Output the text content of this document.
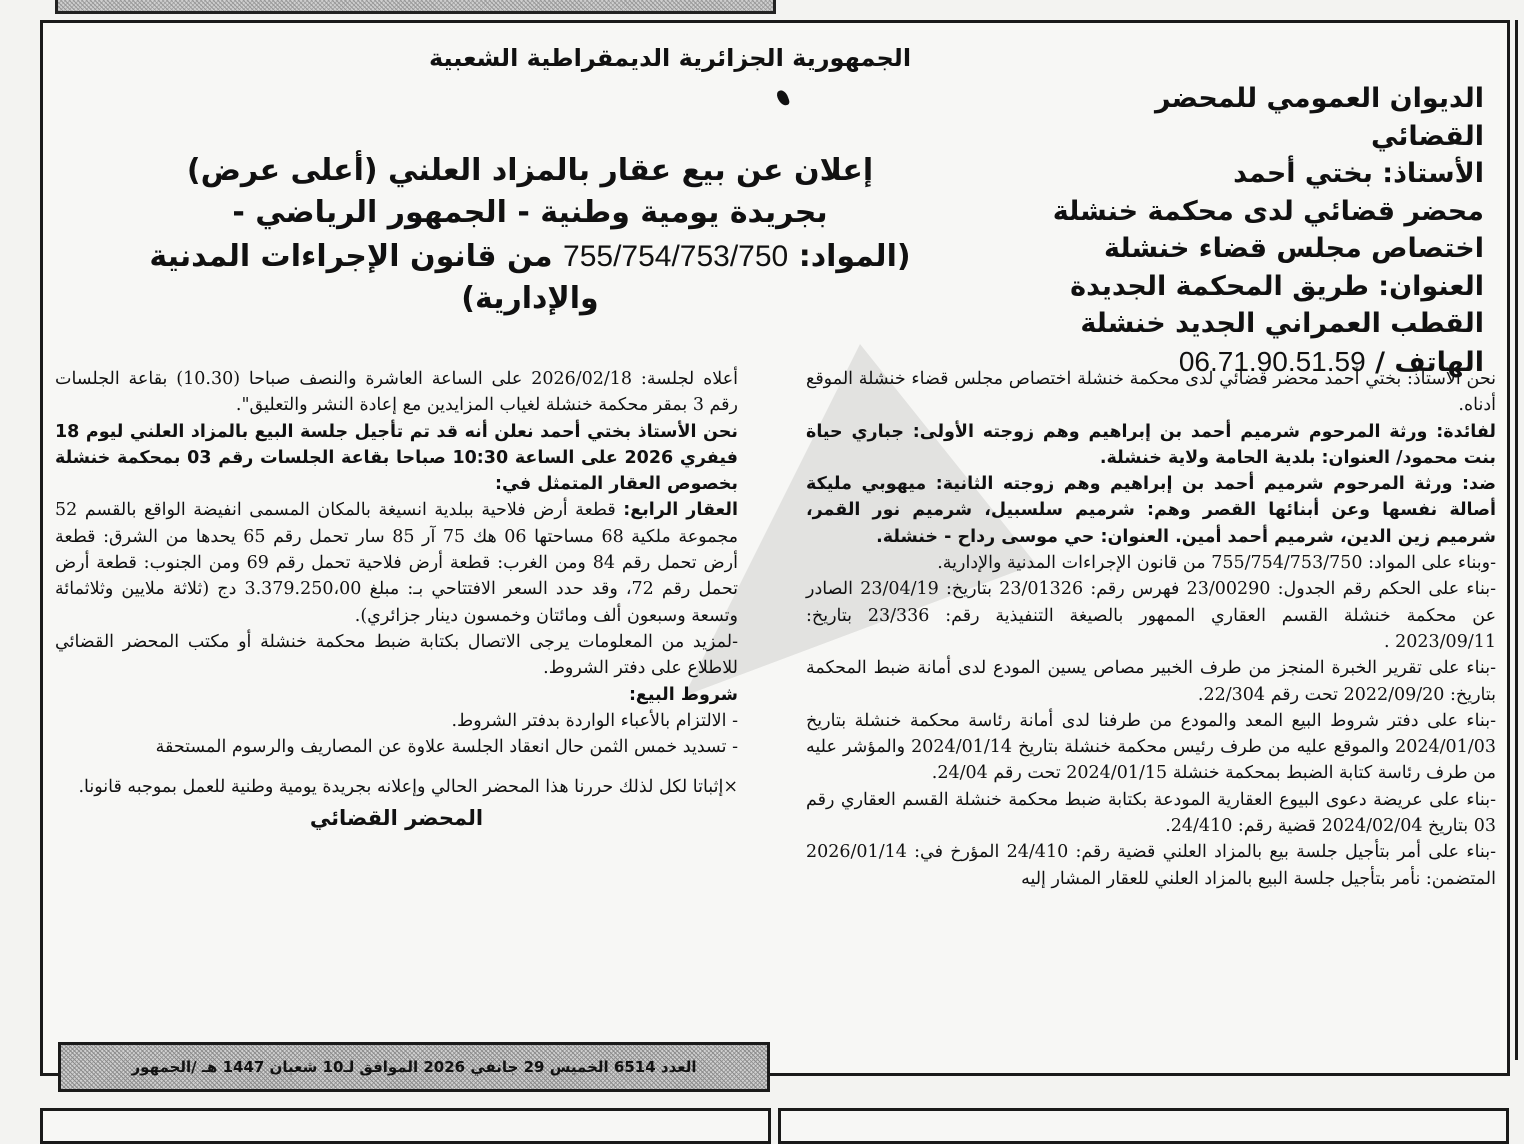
الجمهورية الجزائرية الديمقراطية الشعبية
الديوان العمومي للمحضر القضائي
الأستاذ: بختي أحمد
محضر قضائي لدى محكمة خنشلة
اختصاص مجلس قضاء خنشلة
العنوان: طريق المحكمة الجديدة
القطب العمراني الجديد خنشلة
الهاتف / 06.71.90.51.59
إعلان عن بيع عقار بالمزاد العلني (أعلى عرض)
بجريدة يومية وطنية - الجمهور الرياضي -
(المواد: 755/754/753/750 من قانون الإجراءات المدنية والإدارية)

نحن الأستاذ: بختي أحمد محضر قضائي لدى محكمة خنشلة اختصاص مجلس قضاء خنشلة الموقع أدناه.

لفائدة: ورثة المرحوم شرميم أحمد بن إبراهيم وهم زوجته الأولى: جباري حياة بنت محمود/ العنوان: بلدية الحامة ولاية خنشلة.

ضد: ورثة المرحوم شرميم أحمد بن إبراهيم وهم زوجته الثانية: ميهوبي مليكة أصالة نفسها وعن أبنائها القصر وهم: شرميم سلسبيل، شرميم نور القمر، شرميم زين الدين، شرميم أحمد أمين. العنوان: حي موسى رداح - خنشلة.

-وبناء على المواد: 755/754/753/750 من قانون الإجراءات المدنية والإدارية.

-بناء على الحكم رقم الجدول: 23/00290 فهرس رقم: 23/01326 بتاريخ: 23/04/19 الصادر عن محكمة خنشلة القسم العقاري الممهور بالصيغة التنفيذية رقم: 23/336 بتاريخ: 2023/09/11 .

-بناء على تقرير الخبرة المنجز من طرف الخبير مصاص يسين المودع لدى أمانة ضبط المحكمة بتاريخ: 2022/09/20 تحت رقم 22/304.

-بناء على دفتر شروط البيع المعد والمودع من طرفنا لدى أمانة رئاسة محكمة خنشلة بتاريخ 2024/01/03 والموقع عليه من طرف رئيس محكمة خنشلة بتاريخ 2024/01/14 والمؤشر عليه من طرف رئاسة كتابة الضبط بمحكمة خنشلة 2024/01/15 تحت رقم 24/04.

-بناء على عريضة دعوى البيوع العقارية المودعة بكتابة ضبط محكمة خنشلة القسم العقاري رقم 03 بتاريخ 2024/02/04 قضية رقم: 24/410.

-بناء على أمر بتأجيل جلسة بيع بالمزاد العلني قضية رقم: 24/410 المؤرخ في: 2026/01/14 المتضمن: نأمر بتأجيل جلسة البيع بالمزاد العلني للعقار المشار إليه

أعلاه لجلسة: 2026/02/18 على الساعة العاشرة والنصف صباحا (10.30) بقاعة الجلسات رقم 3 بمقر محكمة خنشلة لغياب المزايدين مع إعادة النشر والتعليق".

نحن الأستاذ بختي أحمد نعلن أنه قد تم تأجيل جلسة البيع بالمزاد العلني ليوم 18 فيفري 2026 على الساعة 10:30 صباحا بقاعة الجلسات رقم 03 بمحكمة خنشلة بخصوص العقار المتمثل في:

العقار الرابع: قطعة أرض فلاحية ببلدية انسيغة بالمكان المسمى انفيضة الواقع بالقسم 52 مجموعة ملكية 68 مساحتها 06 هك 75 آر 85 سار تحمل رقم 65 يحدها من الشرق: قطعة أرض تحمل رقم 84 ومن الغرب: قطعة أرض فلاحية تحمل رقم 69 ومن الجنوب: قطعة أرض تحمل رقم 72، وقد حدد السعر الافتتاحي بـ: مبلغ 3.379.250،00 دج (ثلاثة ملايين وثلاثمائة وتسعة وسبعون ألف ومائتان وخمسون دينار جزائري).

-لمزيد من المعلومات يرجى الاتصال بكتابة ضبط محكمة خنشلة أو مكتب المحضر القضائي للاطلاع على دفتر الشروط.

شروط البيع:

- الالتزام بالأعباء الواردة بدفتر الشروط.

- تسديد خمس الثمن حال انعقاد الجلسة علاوة عن المصاريف والرسوم المستحقة

×إثباتا لكل لذلك حررنا هذا المحضر الحالي وإعلانه بجريدة يومية وطنية للعمل بموجبه قانونا.

المحضر القضائي
العدد 6514 الخميس 29 جانفي 2026 الموافق لـ10 شعبان 1447 هـ /الجمهور
